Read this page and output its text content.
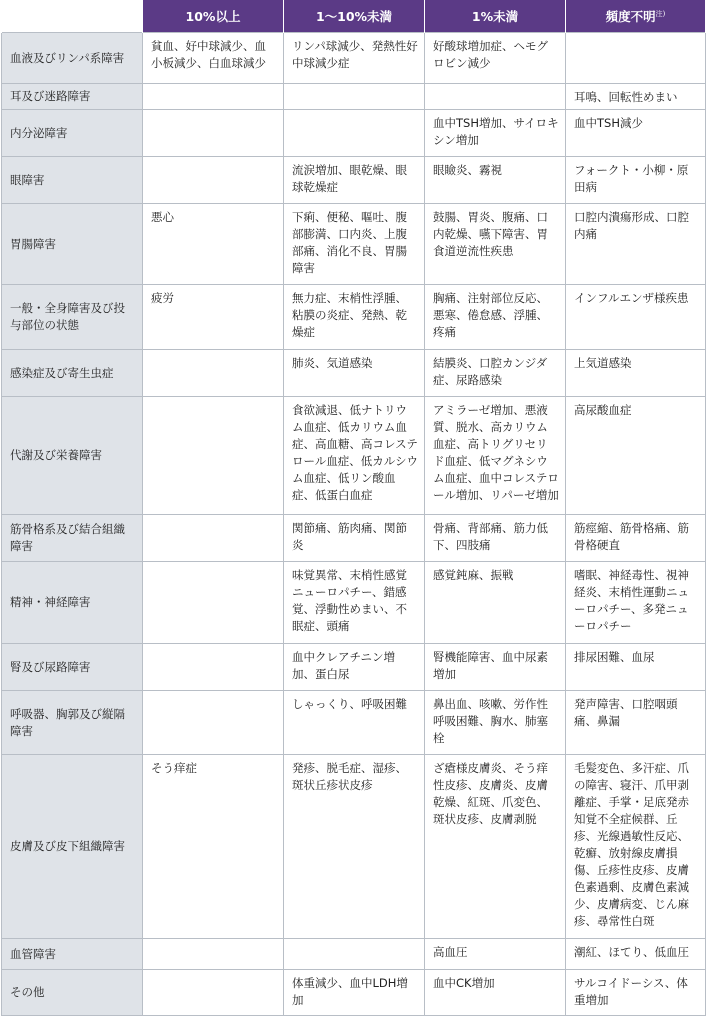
	10%以上	1～10%未満	1%未満	頻度不明$^{注)}$
血液及びリンパ系障害	貧血、好中球減少、血小板減少、白血球減少	リンパ球減少、発熱性好中球減少症	好酸球増加症、ヘモグロビン減少	
耳及び迷路障害				耳鳴、回転性めまい
内分泌障害			血中TSH増加、サイロキシン増加	血中TSH減少
眼障害		流涙増加、眼乾燥、眼球乾燥症	眼瞼炎、霧視	フォークト・小柳・原田病
胃腸障害	悪心	下痢、便秘、嘔吐、腹部膨満、口内炎、上腹部痛、消化不良、胃腸障害	鼓腸、胃炎、腹痛、口内乾燥、嚥下障害、胃食道逆流性疾患	口腔内潰瘍形成、口腔内痛
一般・全身障害及び投与部位の状態	疲労	無力症、末梢性浮腫、粘膜の炎症、発熱、乾燥症	胸痛、注射部位反応、悪寒、倦怠感、浮腫、疼痛	インフルエンザ様疾患
感染症及び寄生虫症		肺炎、気道感染	結膜炎、口腔カンジダ症、尿路感染	上気道感染
代謝及び栄養障害		食欲減退、低ナトリウム血症、低カリウム血症、高血糖、高コレステロール血症、低カルシウム血症、低リン酸血症、低蛋白血症	アミラーゼ増加、悪液質、脱水、高カリウム血症、高トリグリセリド血症、低マグネシウム血症、血中コレステロール増加、リパーゼ増加	高尿酸血症
筋骨格系及び結合組織障害		関節痛、筋肉痛、関節炎	骨痛、背部痛、筋力低下、四肢痛	筋痙縮、筋骨格痛、筋骨格硬直
精神・神経障害		味覚異常、末梢性感覚ニューロパチー、錯感覚、浮動性めまい、不眠症、頭痛	感覚鈍麻、振戦	嗜眠、神経毒性、視神経炎、末梢性運動ニューロパチー、多発ニューロパチー
腎及び尿路障害		血中クレアチニン増加、蛋白尿	腎機能障害、血中尿素増加	排尿困難、血尿
呼吸器、胸郭及び縦隔障害		しゃっくり、呼吸困難	鼻出血、咳嗽、労作性呼吸困難、胸水、肺塞栓	発声障害、口腔咽頭痛、鼻漏
皮膚及び皮下組織障害	そう痒症	発疹、脱毛症、湿疹、斑状丘疹状皮疹	ざ瘡様皮膚炎、そう痒性皮疹、皮膚炎、皮膚乾燥、紅斑、爪変色、斑状皮疹、皮膚剥脱	毛髪変色、多汗症、爪の障害、寝汗、爪甲剥離症、手掌・足底発赤知覚不全症候群、丘疹、光線過敏性反応、乾癬、放射線皮膚損傷、丘疹性皮疹、皮膚色素過剰、皮膚色素減少、皮膚病変、じん麻疹、尋常性白斑
血管障害			高血圧	潮紅、ほてり、低血圧
その他		体重減少、血中LDH増加	血中CK増加	サルコイドーシス、体重増加
